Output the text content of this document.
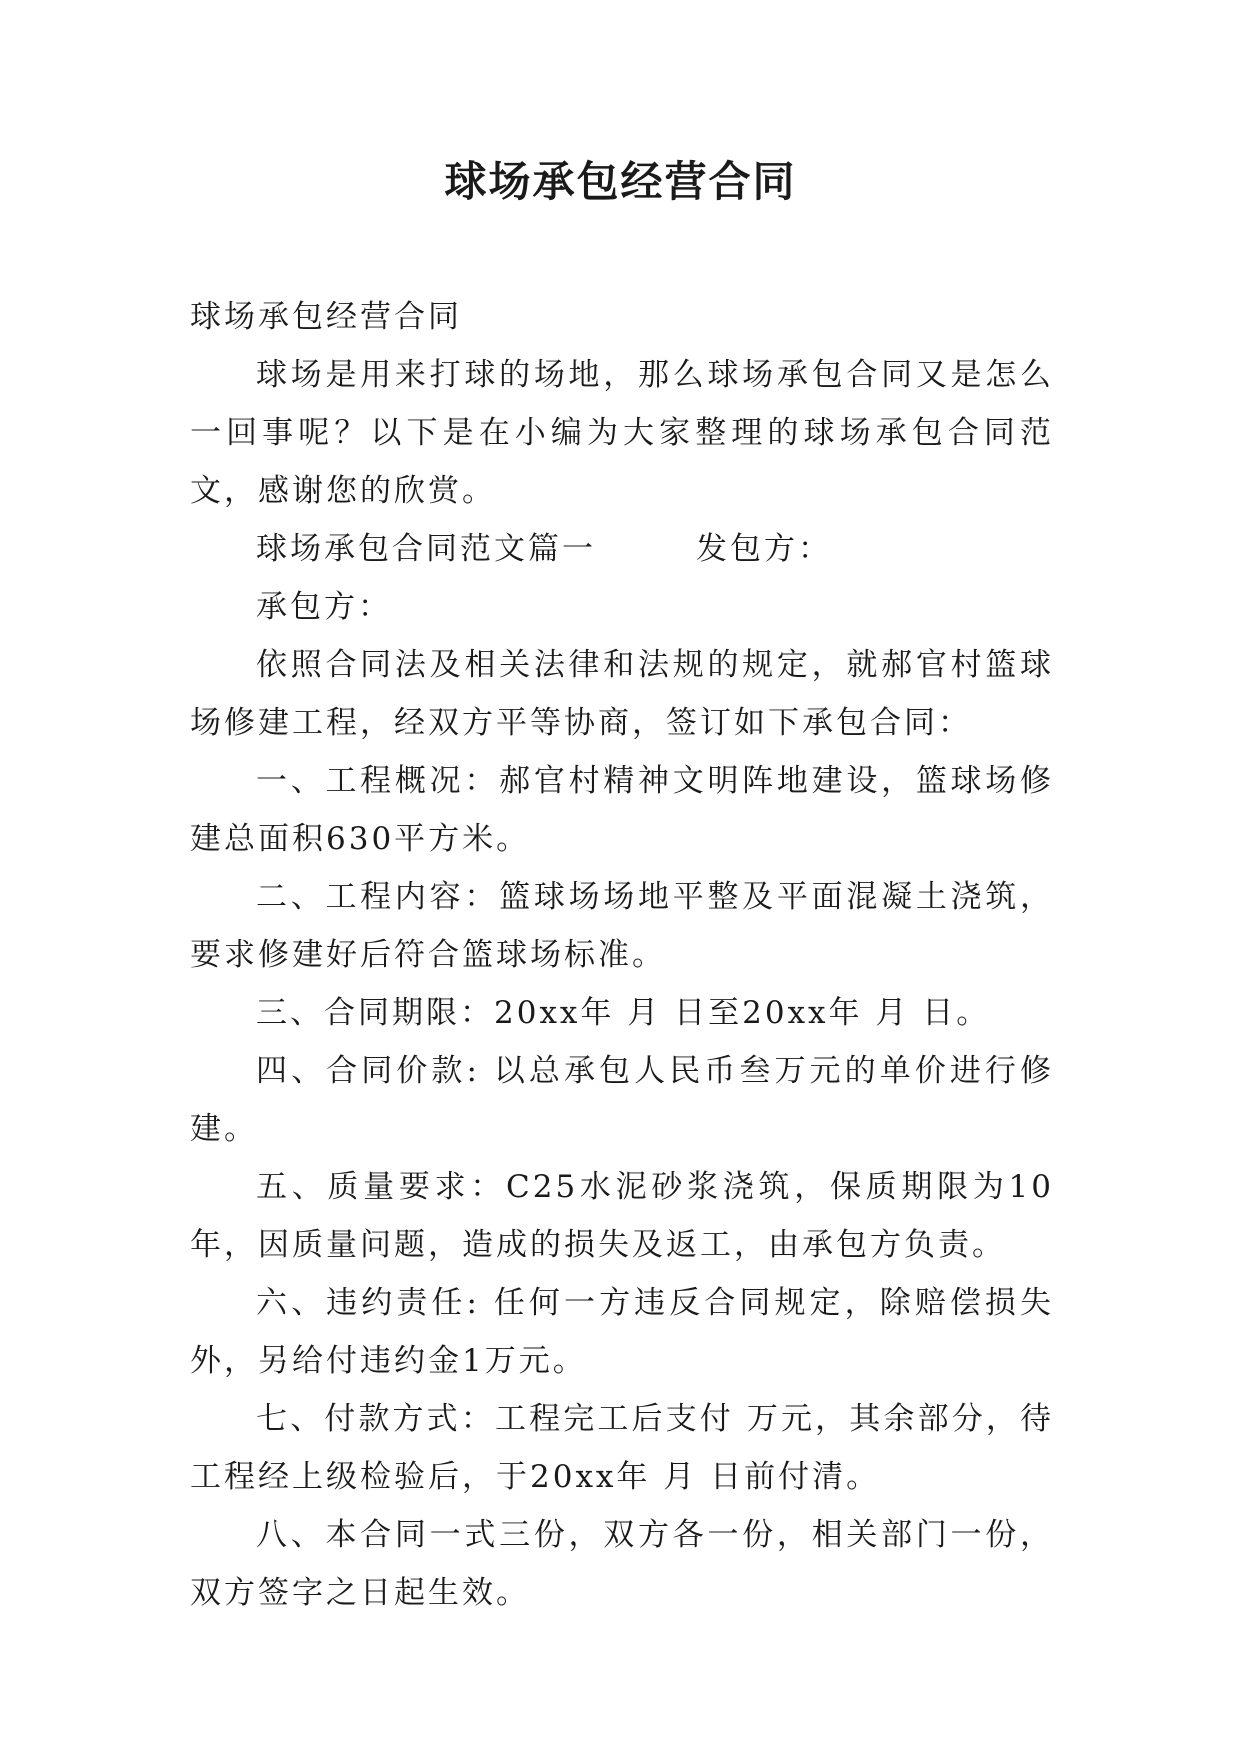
球场承包经营合同

球场承包经营合同

球场是用来打球的场地，那么球场承包合同又是怎么一回事呢？以下是在小编为大家整理的球场承包合同范文，感谢您的欣赏。

球场承包合同范文篇一	发包方：

承包方：

依照合同法及相关法律和法规的规定，就郝官村篮球场修建工程，经双方平等协商，签订如下承包合同：

一、工程概况：郝官村精神文明阵地建设，篮球场修建总面积630平方米。

二、工程内容：篮球场场地平整及平面混凝土浇筑，要求修建好后符合篮球场标准。

三、合同期限：20xx年 月 日至20xx年 月 日。

四、合同价款: 以总承包人民币叁万元的单价进行修建。

五、质量要求：C25水泥砂浆浇筑，保质期限为10年，因质量问题，造成的损失及返工，由承包方负责。

六、违约责任: 任何一方违反合同规定，除赔偿损失外，另给付违约金1万元。

七、付款方式：工程完工后支付 万元，其余部分，待工程经上级检验后，于20xx年 月 日前付清。

八、本合同一式三份，双方各一份，相关部门一份，双方签字之日起生效。
